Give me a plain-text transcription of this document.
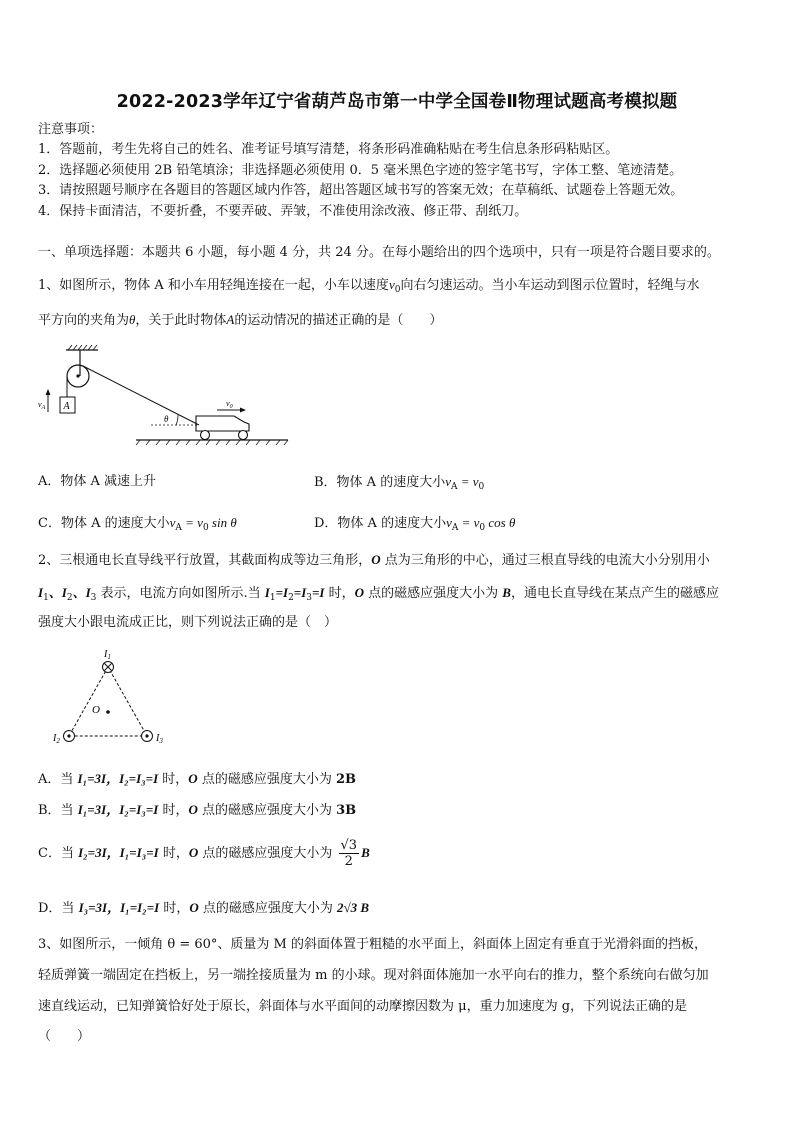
2022-2023学年辽宁省葫芦岛市第一中学全国卷Ⅱ物理试题高考模拟题
注意事项：
1．答题前，考生先将自己的姓名、准考证号填写清楚，将条形码准确粘贴在考生信息条形码粘贴区。
2．选择题必须使用 2B 铅笔填涂；非选择题必须使用 0．5 毫米黑色字迹的签字笔书写，字体工整、笔迹清楚。
3．请按照题号顺序在各题目的答题区域内作答，超出答题区域书写的答案无效；在草稿纸、试题卷上答题无效。
4．保持卡面清洁，不要折叠，不要弄破、弄皱，不准使用涂改液、修正带、刮纸刀。
一、单项选择题：本题共 6 小题，每小题 4 分，共 24 分。在每小题给出的四个选项中，只有一项是符合题目要求的。
1、如图所示，物体 A 和小车用轻绳连接在一起，小车以速度$v_0$向右匀速运动。当小车运动到图示位置时，轻绳与水
平方向的夹角为θ，关于此时物体A的运动情况的描述正确的是（　　）
A
$v_A$
θ
$v_0$
A．物体 A 减速上升	B．物体 A 的速度大小$v_A = v_0$
C．物体 A 的速度大小$v_A = v_0$ sin θ	D．物体 A 的速度大小$v_A = v_0$ cos θ
2、三根通电长直导线平行放置，其截面构成等边三角形，O 点为三角形的中心，通过三根直导线的电流大小分别用小
$I_1$、$I_2$、$I_3$ 表示，电流方向如图所示.当 $I_1=I_2=I_3=I$ 时，O 点的磁感应强度大小为 B，通电长直导线在某点产生的磁感应
强度大小跟电流成正比，则下列说法正确的是（　）
$I_1$
$I_2$	$I_3$
O
A．当 I₁=3I，I₂=I₃=I 时，O 点的磁感应强度大小为 2B
B．当 I₁=3I，I₂=I₃=I 时，O 点的磁感应强度大小为 3B
C．当 I₂=3I，I₁=I₃=I 时，O 点的磁感应强度大小为 $\frac{√3}{2}$ B
D．当 I₃=3I，I₁=I₂=I 时，O 点的磁感应强度大小为 2√3 B
3、如图所示，一倾角 θ = 60°、质量为 M 的斜面体置于粗糙的水平面上，斜面体上固定有垂直于光滑斜面的挡板，
轻质弹簧一端固定在挡板上，另一端拴接质量为 m 的小球。现对斜面体施加一水平向右的推力，整个系统向右做匀加
速直线运动，已知弹簧恰好处于原长，斜面体与水平面间的动摩擦因数为 μ，重力加速度为 g，下列说法正确的是
（　　）
